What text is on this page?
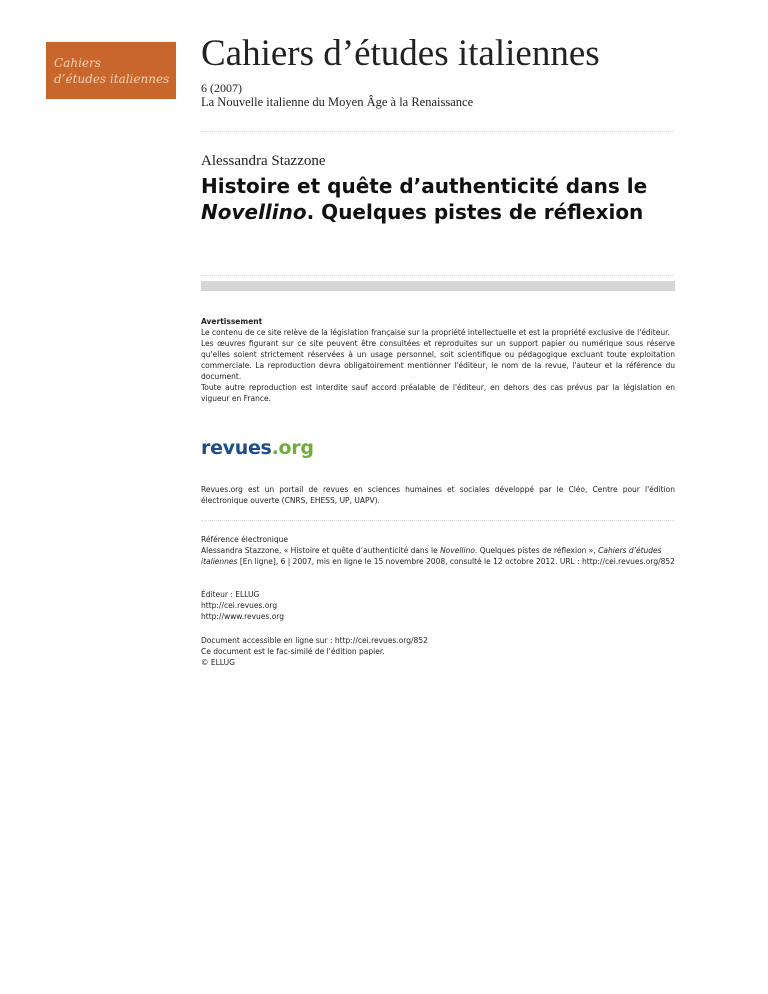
Cahiers
d’études italiennes
Cahiers d’études italiennes
6 (2007)
La Nouvelle italienne du Moyen Âge à la Renaissance
Alessandra Stazzone
Histoire et quête d’authenticité dans le Novellino. Quelques pistes de réflexion

Avertissement

Le contenu de ce site relève de la législation française sur la propriété intellectuelle et est la propriété exclusive de l'éditeur.

Les œuvres figurant sur ce site peuvent être consultées et reproduites sur un support papier ou numérique sous réserve qu'elles soient strictement réservées à un usage personnel, soit scientifique ou pédagogique excluant toute exploitation commerciale. La reproduction devra obligatoirement mentionner l'éditeur, le nom de la revue, l'auteur et la référence du document.

Toute autre reproduction est interdite sauf accord préalable de l'éditeur, en dehors des cas prévus par la législation en vigueur en France.

revues.org
Revues.org est un portail de revues en sciences humaines et sociales développé par le Cléo, Centre pour l'édition électronique ouverte (CNRS, EHESS, UP, UAPV).

Référence électronique

Alessandra Stazzone, « Histoire et quête d’authenticité dans le Novellino. Quelques pistes de réflexion », Cahiers d’études italiennes [En ligne], 6 | 2007, mis en ligne le 15 novembre 2008, consulté le 12 octobre 2012. URL : http://cei.revues.org/852

Éditeur : ELLUG
http://cei.revues.org
http://www.revues.org
Document accessible en ligne sur : http://cei.revues.org/852
Ce document est le fac-similé de l'édition papier.
© ELLUG
